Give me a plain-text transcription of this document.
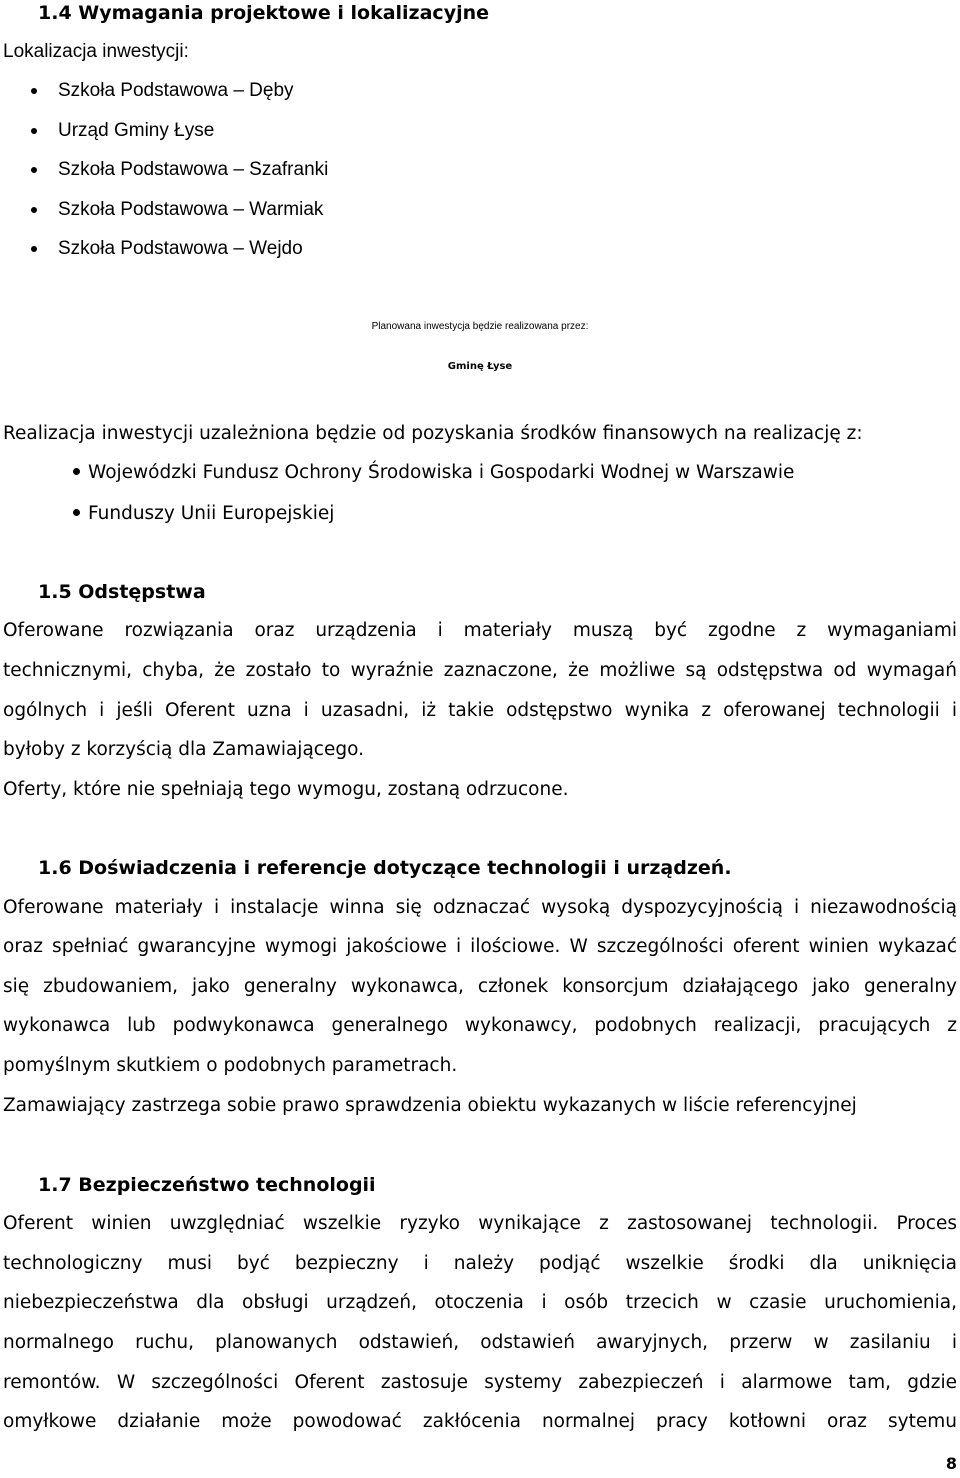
1.4 Wymagania projektowe i lokalizacyjne
Lokalizacja inwestycji:
Szkoła Podstawowa – Dęby
Urząd Gminy Łyse
Szkoła Podstawowa – Szafranki
Szkoła Podstawowa – Warmiak
Szkoła Podstawowa – Wejdo
Planowana inwestycja będzie realizowana przez:
Gminę Łyse
Realizacja inwestycji uzależniona będzie od pozyskania środków finansowych na realizację z:
Wojewódzki Fundusz Ochrony Środowiska i Gospodarki Wodnej w Warszawie
Funduszy Unii Europejskiej
1.5 Odstępstwa

Oferowane rozwiązania oraz urządzenia i materiały muszą być zgodne z wymaganiami

technicznymi, chyba, że zostało to wyraźnie zaznaczone, że możliwe są odstępstwa od wymagań

ogólnych i jeśli Oferent uzna i uzasadni, iż takie odstępstwo wynika z oferowanej technologii i

byłoby z korzyścią dla Zamawiającego.

Oferty, które nie spełniają tego wymogu, zostaną odrzucone.

1.6 Doświadczenia i referencje dotyczące technologii i urządzeń.

Oferowane materiały i instalacje winna się odznaczać wysoką dyspozycyjnością i niezawodnością

oraz spełniać gwarancyjne wymogi jakościowe i ilościowe. W szczególności oferent winien wykazać

się zbudowaniem, jako generalny wykonawca, członek konsorcjum działającego jako generalny

wykonawca lub podwykonawca generalnego wykonawcy, podobnych realizacji, pracujących z

pomyślnym skutkiem o podobnych parametrach.

Zamawiający zastrzega sobie prawo sprawdzenia obiektu wykazanych w liście referencyjnej

1.7 Bezpieczeństwo technologii

Oferent winien uwzględniać wszelkie ryzyko wynikające z zastosowanej technologii. Proces

technologiczny musi być bezpieczny i należy podjąć wszelkie środki dla uniknięcia

niebezpieczeństwa dla obsługi urządzeń, otoczenia i osób trzecich w czasie uruchomienia,

normalnego ruchu, planowanych odstawień, odstawień awaryjnych, przerw w zasilaniu i

remontów. W szczególności Oferent zastosuje systemy zabezpieczeń i alarmowe tam, gdzie

omyłkowe działanie może powodować zakłócenia normalnej pracy kotłowni oraz sytemu

8
